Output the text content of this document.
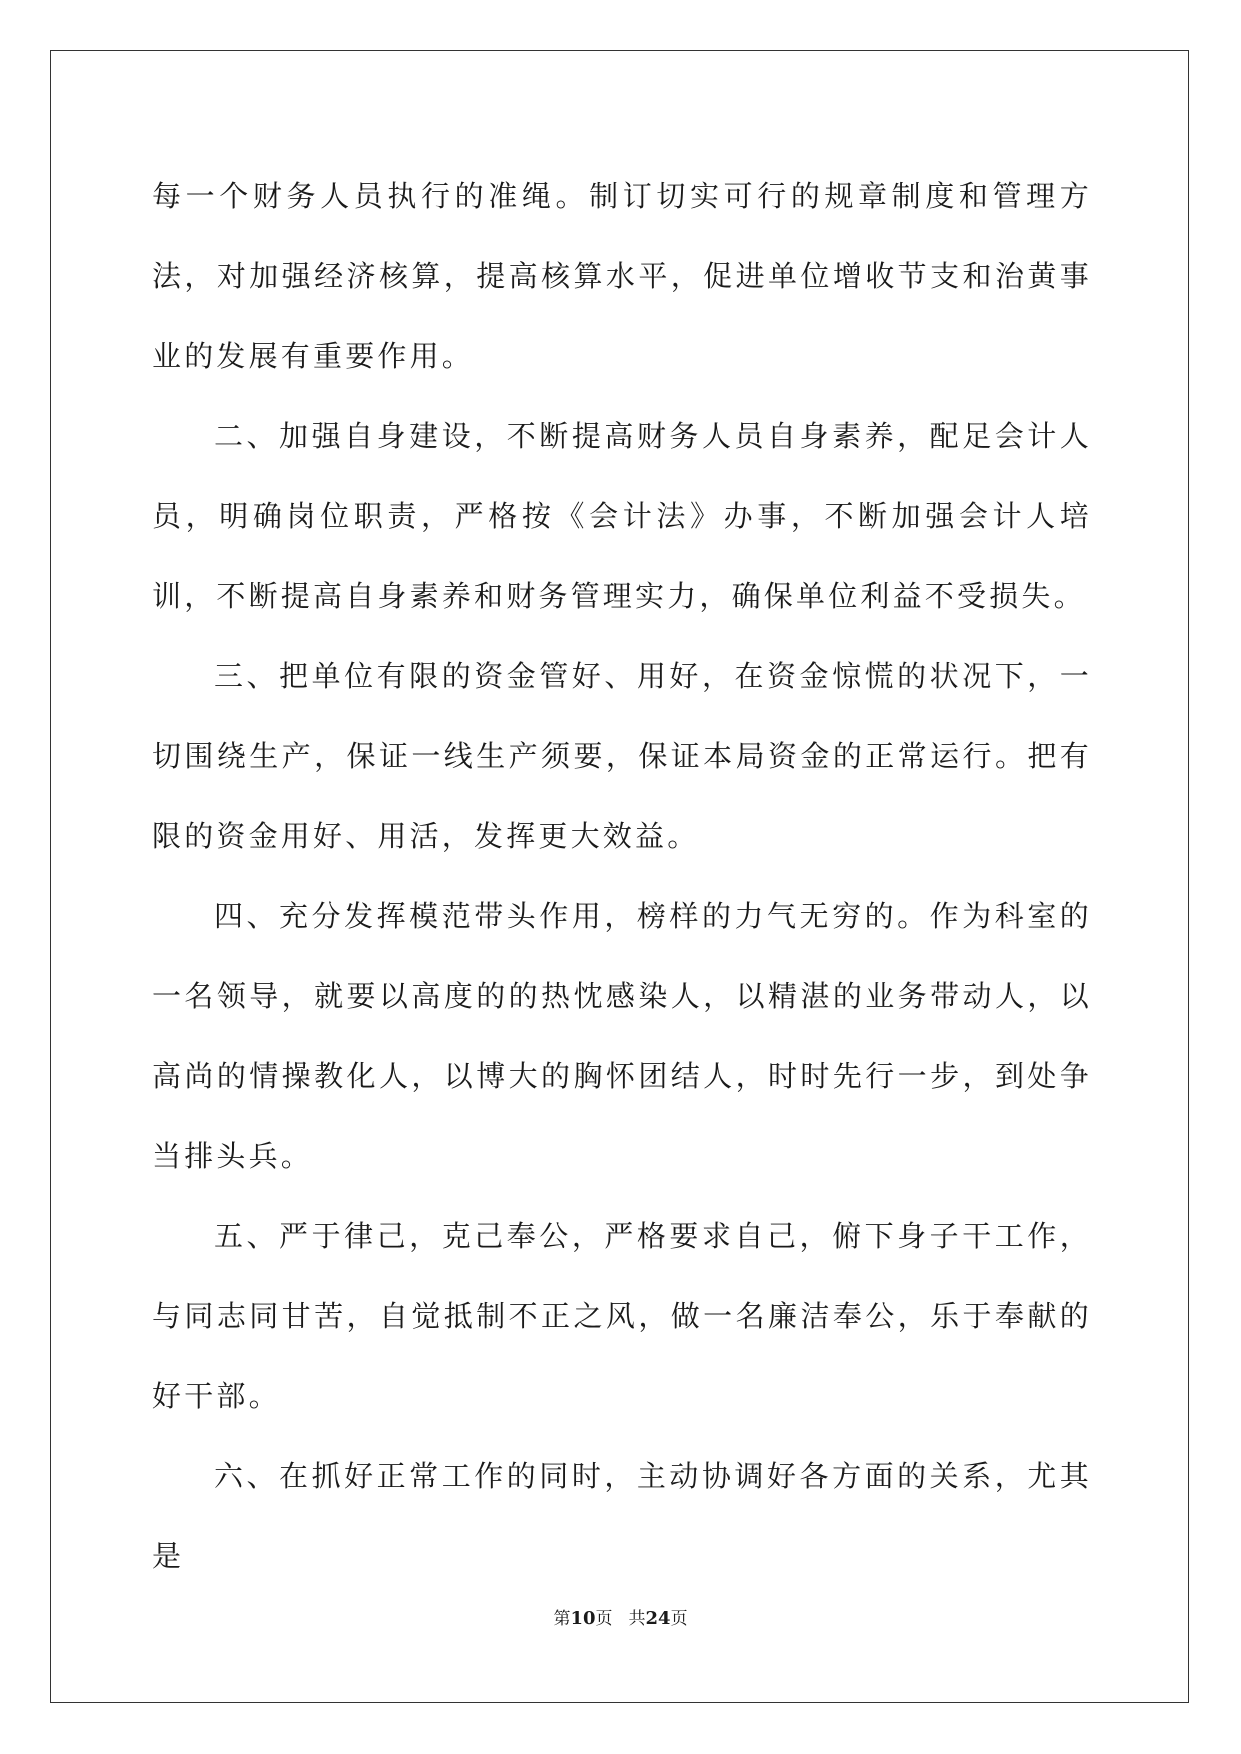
每一个财务人员执行的准绳。制订切实可行的规章制度和管理方法，对加强经济核算，提高核算水平，促进单位增收节支和治黄事业的发展有重要作用。

二、加强自身建设，不断提高财务人员自身素养，配足会计人员，明确岗位职责，严格按《会计法》办事，不断加强会计人培训，不断提高自身素养和财务管理实力，确保单位利益不受损失。

三、把单位有限的资金管好、用好，在资金惊慌的状况下，一切围绕生产，保证一线生产须要，保证本局资金的正常运行。把有限的资金用好、用活，发挥更大效益。

四、充分发挥模范带头作用，榜样的力气无穷的。作为科室的一名领导，就要以高度的的热忱感染人，以精湛的业务带动人，以高尚的情操教化人，以博大的胸怀团结人，时时先行一步，到处争当排头兵。

五、严于律己，克己奉公，严格要求自己，俯下身子干工作，与同志同甘苦，自觉抵制不正之风，做一名廉洁奉公，乐于奉献的好干部。

六、在抓好正常工作的同时，主动协调好各方面的关系，尤其是

第10页 共24页
